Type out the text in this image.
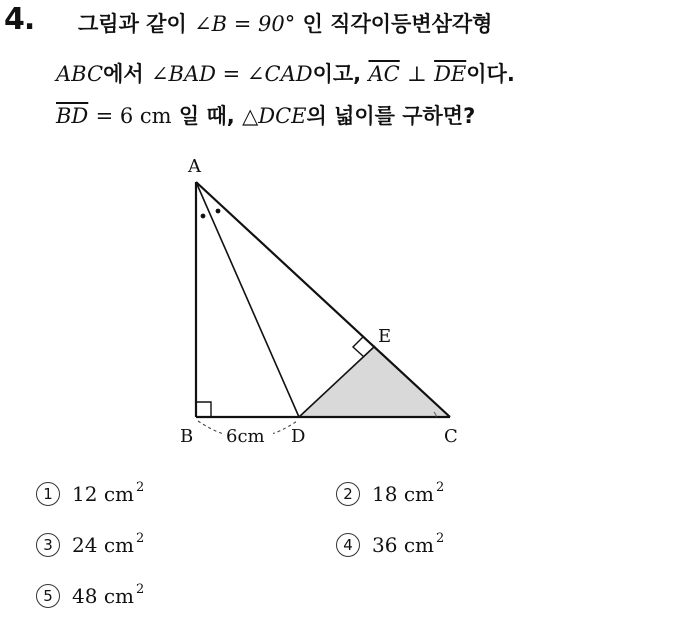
4. 그림과 같이 ∠B = 90° 인 직각이등변삼각형
ABC에서 ∠BAD = ∠CAD이고, $\overline{AC}$ ⊥ $\overline{DE}$이다.
$\overline{BD} = 6$ cm 일 때, △DCE의 넓이를 구하면?
6cm
A
B	D	C
E
1 12 cm $^2$	2 18 cm $^2$
3 24 cm $^2$	4 36 cm $^2$
5 48 cm $^2$
